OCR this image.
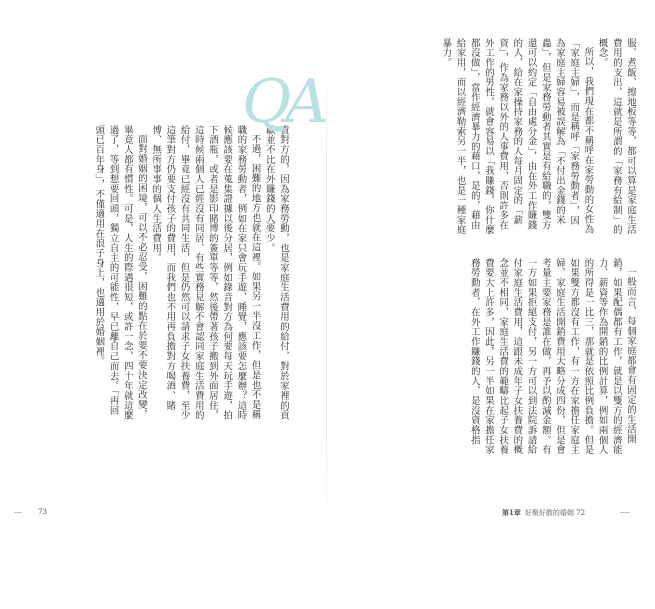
責對方的，因為家務勞動，也是家庭生活費用的給付，對於家裡的貢獻並不比在外賺錢的人要少。

不過，困難的地方也就在這裡。如果另一半沒工作，但是也不是稱職的家務勞動者，例如在家只會玩手遊、睡覺，應該要怎麼辦？這時候應該要在蒐集證據以後分居，例如錄音對方為何要每天玩手遊，拍下酒瓶，或者是影印賭博的簽單等等，然後帶著孩子搬到外面居住，這時候兩個人已經沒有同居、有些實務見解不會認同家庭生活費用的給付，畢竟已經沒有共同生活，但是仍然可以請求子女扶養費，至少這筆對方仍要支付孩子的費用，而我們也不用再負擔對方喝酒、賭博、無所事事的個人生活費用。

面對婚姻的困境，可以不必忍受，困難的點在於要不要決定改變，畢竟人都有慣性。可是，人生的際遇很短，或許一念，四十年就這麼過了，等到想要回頭，獨立自主的可能性，早已離自己而去。「再回頭已百年身」，不僅適用在浪子身上，也適用於婚姻裡。

73

服、煮飯、擦地板等等，都可以算是家庭生活費用的支出，這就是所謂的「家務有給制」的概念。

所以，我們現在都不稱呼在家勞動的女性為「家庭主婦」，而是稱呼「家務勞動者」，因為家庭主婦容易被誤解為「不付出金錢的米蟲」，但是家務勞動者其實是有給職的，雙方還可以約定「自由處分金」，由在外工作賺錢的人，給在家操持家務的人每月固定的「薪資」，作為家務以外的人事費用，否則許多在外工作的男性，就會容易以「我賺錢，你什麼都沒做」，當作經濟暴力的藉口，是的，藉由給家用，而以經濟勒索另一半，也是一種家庭暴力。

一般而言，每個家庭都會有固定的生活開銷，如果配偶都有工作，就是以雙方的經濟能力、薪資等作為開銷的比例計算，例如兩個人的所得是一比三，那就是依照比例負擔。但是如果雙方都沒有工作，有一方在家擔任家庭主婦，家庭生活開銷費用大略分成四份，但是會考量主要家務是誰在做，再予以酌減金額。有一方如果拒絕支付，另一方可以到法院訴請給付家庭生活費用，這跟未成年子女扶養費的概念並不相同，家庭生活費的範疇比起子女扶養費要大上許多，因此，另一半如果在家擔任家務勞動者，在外工作賺錢的人，是沒資格指

QA
第1章 好聚好散的婚姻 72
